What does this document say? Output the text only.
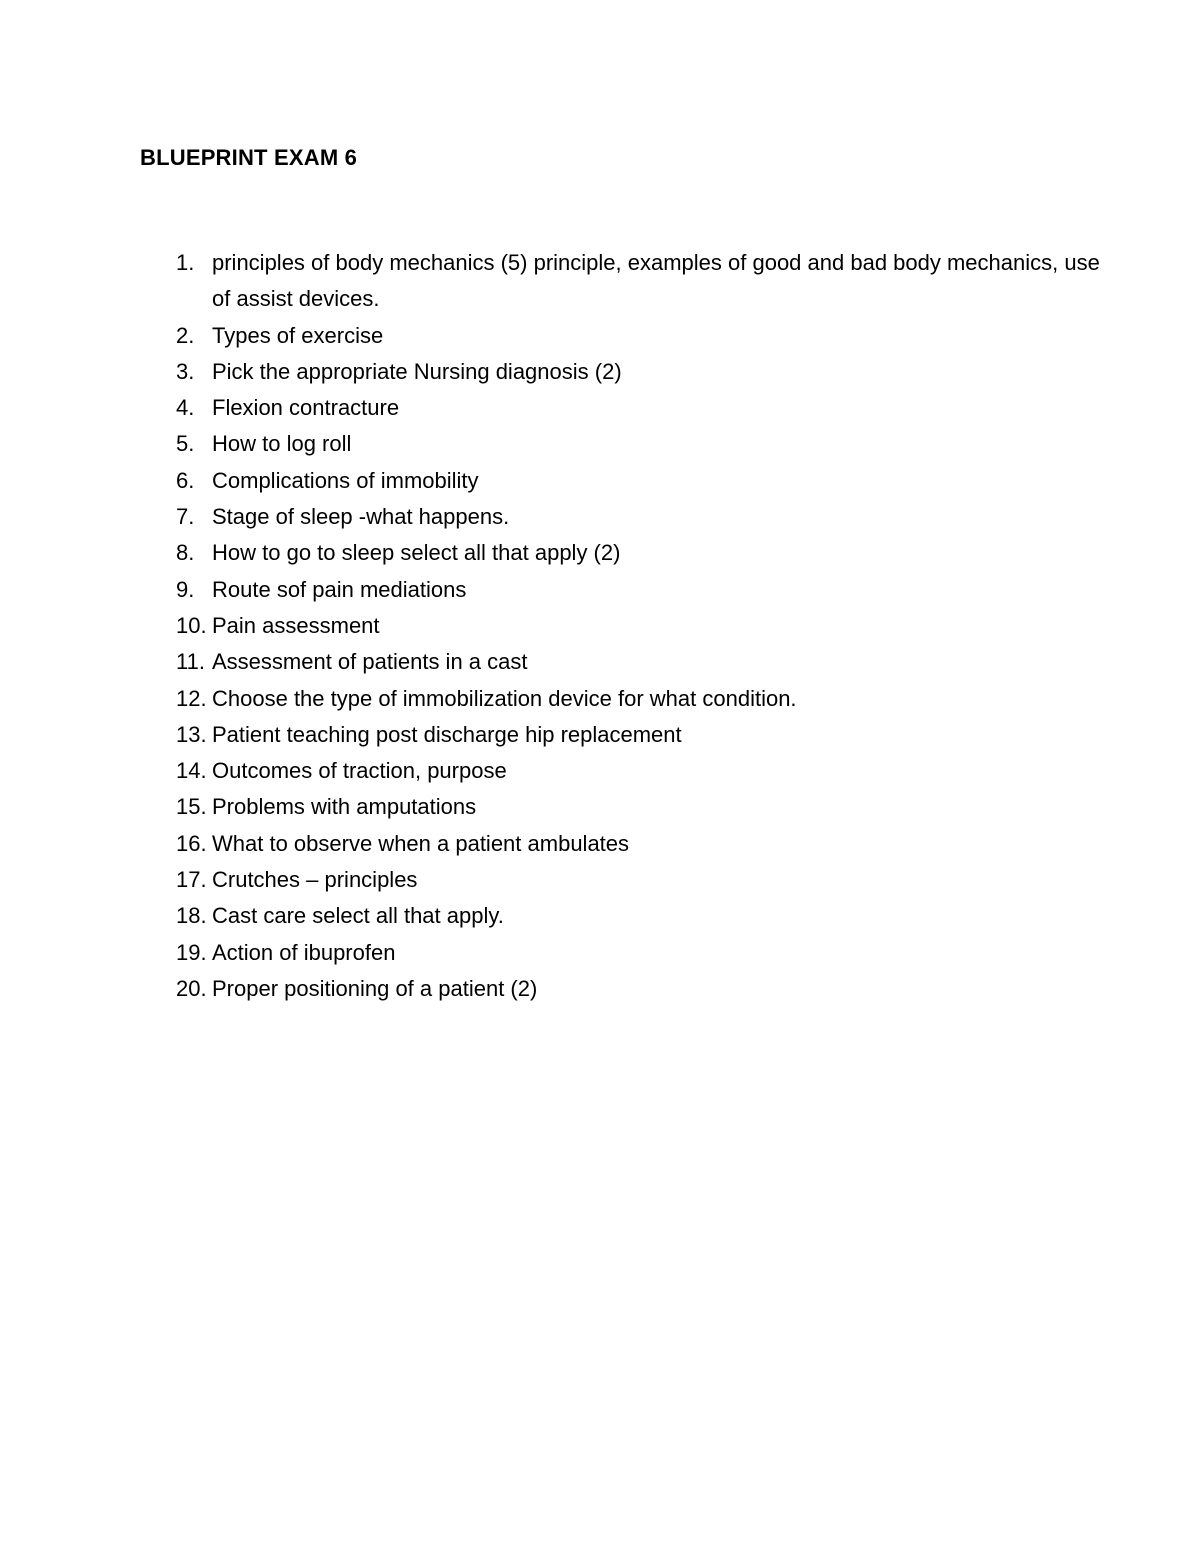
BLUEPRINT EXAM 6
1. principles of body mechanics (5) principle, examples of good and bad body mechanics, use of assist devices.
2. Types of exercise
3. Pick the appropriate Nursing diagnosis (2)
4. Flexion contracture
5. How to log roll
6. Complications of immobility
7. Stage of sleep -what happens.
8. How to go to sleep select all that apply (2)
9. Route sof pain mediations
10. Pain assessment
11. Assessment of patients in a cast
12. Choose the type of immobilization device for what condition.
13. Patient teaching post discharge hip replacement
14. Outcomes of traction, purpose
15. Problems with amputations
16. What to observe when a patient ambulates
17. Crutches – principles
18. Cast care select all that apply.
19. Action of ibuprofen
20. Proper positioning of a patient (2)
